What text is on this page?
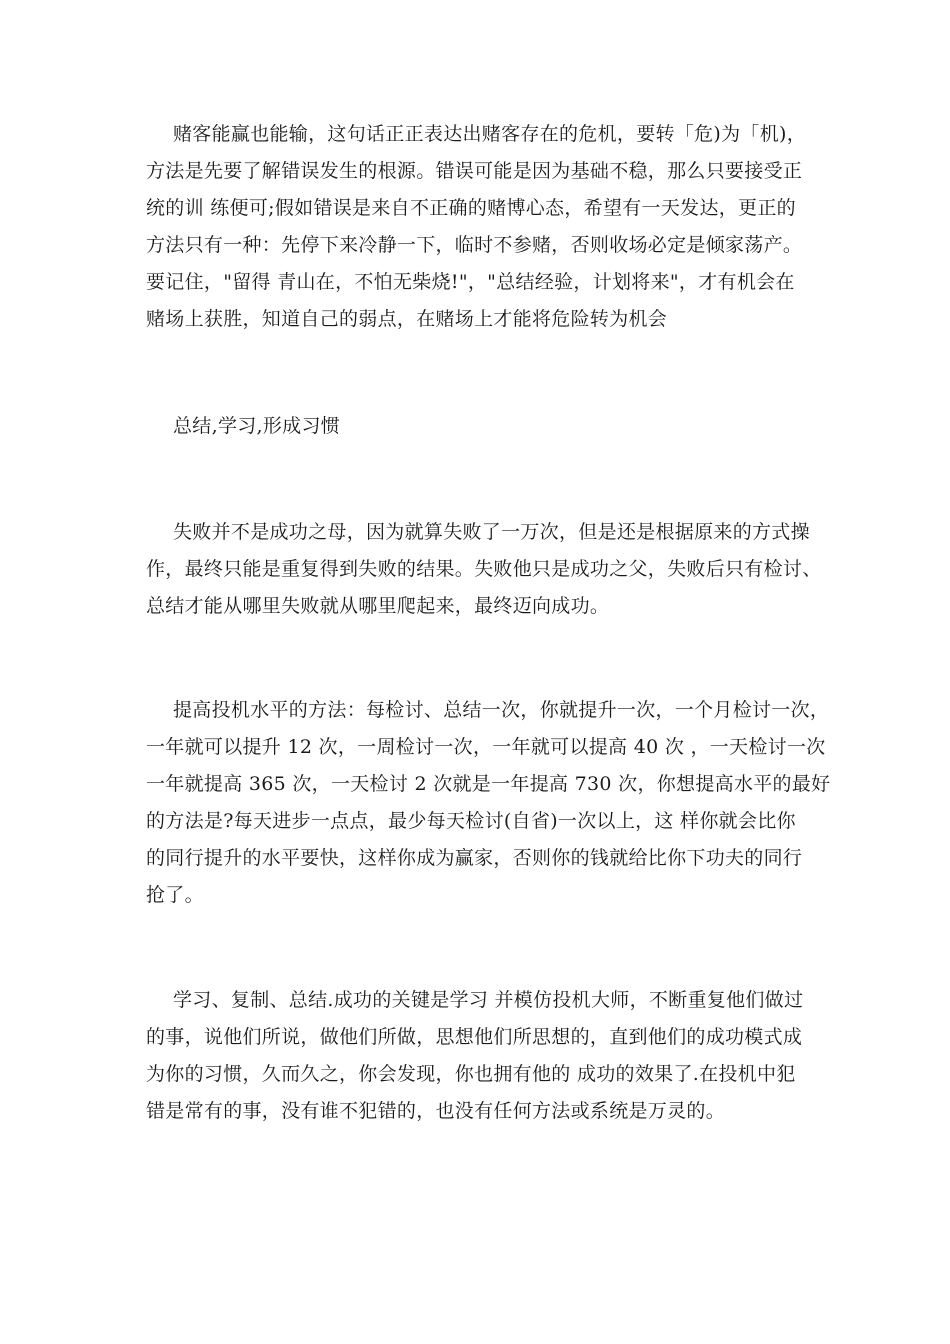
赌客能赢也能输，这句话正正表达出赌客存在的危机，要转「危)为「机)，
方法是先要了解错误发生的根源。错误可能是因为基础不稳，那么只要接受正
统的训 练便可;假如错误是来自不正确的赌博心态，希望有一天发达，更正的
方法只有一种：先停下来冷静一下，临时不参赌，否则收场必定是倾家荡产。
要记住，"留得 青山在，不怕无柴烧!"，"总结经验，计划将来"，才有机会在
赌场上获胜，知道自己的弱点，在赌场上才能将危险转为机会
总结,学习,形成习惯
失败并不是成功之母，因为就算失败了一万次，但是还是根据原来的方式操
作，最终只能是重复得到失败的结果。失败他只是成功之父，失败后只有检讨、
总结才能从哪里失败就从哪里爬起来，最终迈向成功。
提高投机水平的方法：每检讨、总结一次，你就提升一次，一个月检讨一次，
一年就可以提升 12 次，一周检讨一次，一年就可以提高 40 次 ，一天检讨一次
一年就提高 365 次，一天检讨 2 次就是一年提高 730 次，你想提高水平的最好
的方法是?每天进步一点点，最少每天检讨(自省)一次以上，这 样你就会比你
的同行提升的水平要快，这样你成为赢家，否则你的钱就给比你下功夫的同行
抢了。
学习、复制、总结.成功的关键是学习 并模仿投机大师，不断重复他们做过
的事，说他们所说，做他们所做，思想他们所思想的，直到他们的成功模式成
为你的习惯，久而久之，你会发现，你也拥有他的 成功的效果了.在投机中犯
错是常有的事，没有谁不犯错的，也没有任何方法或系统是万灵的。
